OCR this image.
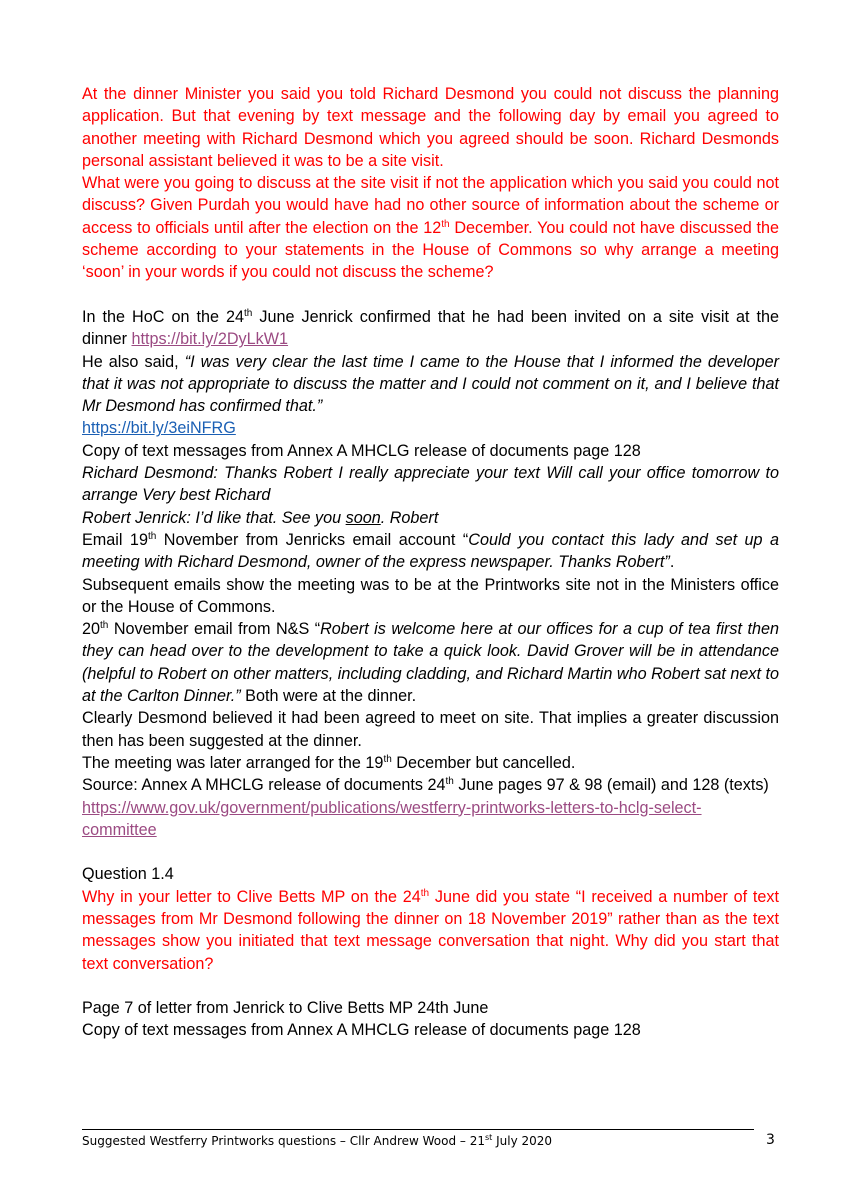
At the dinner Minister you said you told Richard Desmond you could not discuss the planning application. But that evening by text message and the following day by email you agreed to another meeting with Richard Desmond which you agreed should be soon. Richard Desmonds personal assistant believed it was to be a site visit.

What were you going to discuss at the site visit if not the application which you said you could not discuss? Given Purdah you would have had no other source of information about the scheme or access to officials until after the election on the 12th December. You could not have discussed the scheme according to your statements in the House of Commons so why arrange a meeting ‘soon’ in your words if you could not discuss the scheme?

In the HoC on the 24th June Jenrick confirmed that he had been invited on a site visit at the dinner https://bit.ly/2DyLkW1

He also said, “I was very clear the last time I came to the House that I informed the developer that it was not appropriate to discuss the matter and I could not comment on it, and I believe that Mr Desmond has confirmed that.”

https://bit.ly/3eiNFRG

Copy of text messages from Annex A MHCLG release of documents page 128

Richard Desmond: Thanks Robert I really appreciate your text Will call your office tomorrow to arrange Very best Richard

Robert Jenrick: I’d like that. See you soon. Robert

Email 19th November from Jenricks email account “Could you contact this lady and set up a meeting with Richard Desmond, owner of the express newspaper. Thanks Robert”.

Subsequent emails show the meeting was to be at the Printworks site not in the Ministers office or the House of Commons.

20th November email from N&S “Robert is welcome here at our offices for a cup of tea first then they can head over to the development to take a quick look. David Grover will be in attendance (helpful to Robert on other matters, including cladding, and Richard Martin who Robert sat next to at the Carlton Dinner.” Both were at the dinner.

Clearly Desmond believed it had been agreed to meet on site. That implies a greater discussion then has been suggested at the dinner.

The meeting was later arranged for the 19th December but cancelled.

Source: Annex A MHCLG release of documents 24th June pages 97 & 98 (email) and 128 (texts)

https://www.gov.uk/government/publications/westferry-printworks-letters-to-hclg-select-
committee

Question 1.4

Why in your letter to Clive Betts MP on the 24th June did you state “I received a number of text messages from Mr Desmond following the dinner on 18 November 2019” rather than as the text messages show you initiated that text message conversation that night. Why did you start that text conversation?

Page 7 of letter from Jenrick to Clive Betts MP 24th June

Copy of text messages from Annex A MHCLG release of documents page 128

Suggested Westferry Printworks questions – Cllr Andrew Wood – 21st July 2020	3
